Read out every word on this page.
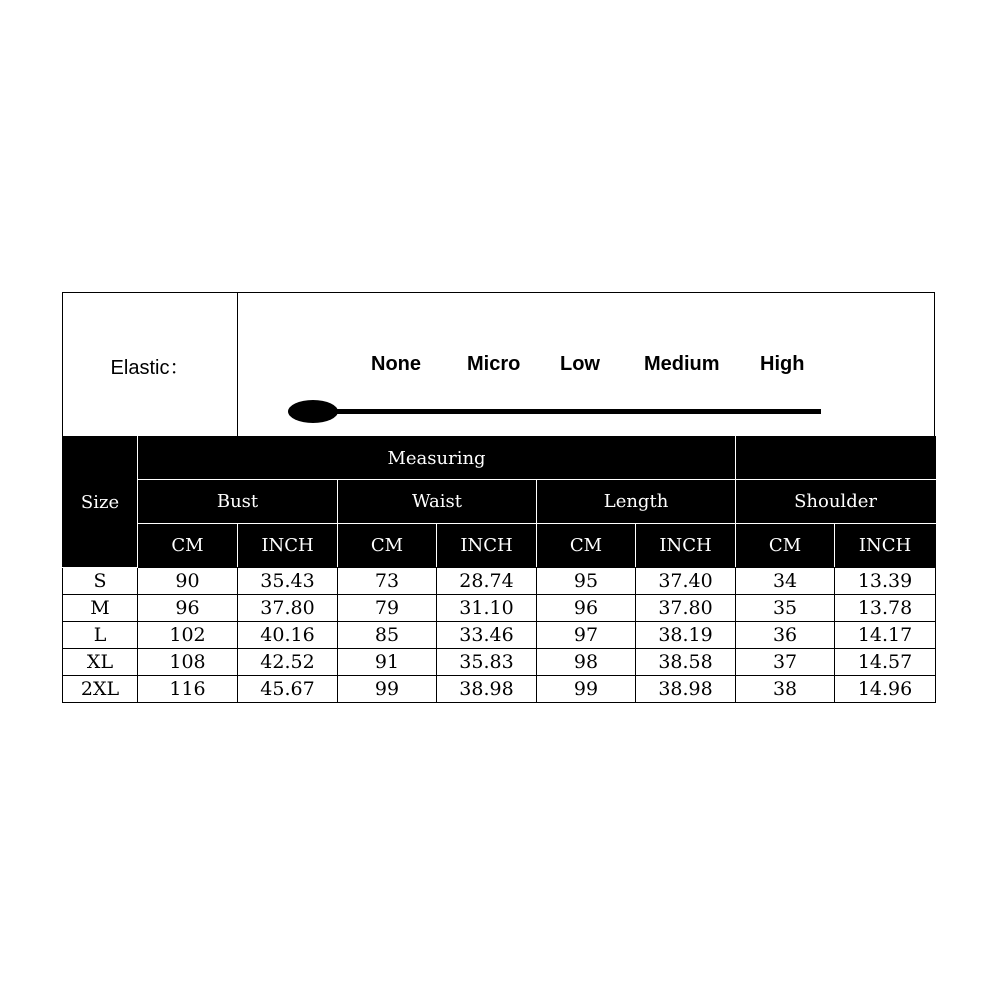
Elastic：	None Micro Low Medium High
Size	Measuring							
	Bust		Waist		Length		Shoulder	
	CM	INCH	CM	INCH	CM	INCH	CM	INCH
S	90	35.43	73	28.74	95	37.40	34	13.39
M	96	37.80	79	31.10	96	37.80	35	13.78
L	102	40.16	85	33.46	97	38.19	36	14.17
XL	108	42.52	91	35.83	98	38.58	37	14.57
2XL	116	45.67	99	38.98	99	38.98	38	14.96
